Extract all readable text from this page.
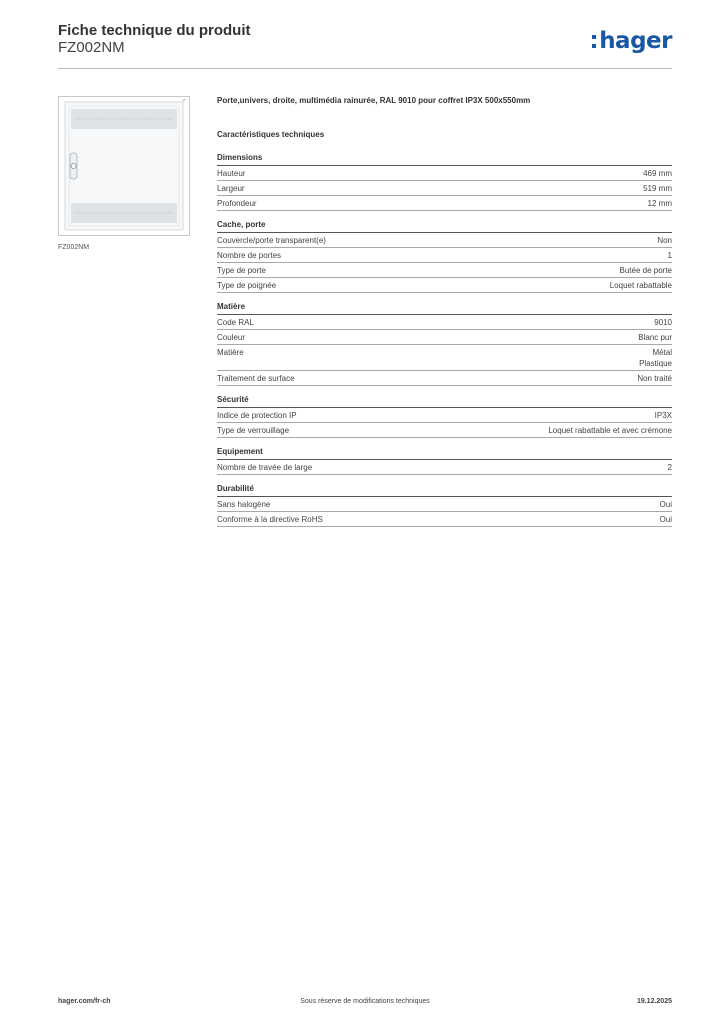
Fiche technique du produit
FZ002NM	hager
FZ002NM
Porte,univers, droite, multimédia rainurée, RAL 9010 pour coffret IP3X 500x550mm
Caractéristiques techniques
Dimensions
Hauteur	469 mm
Largeur	519 mm
Profondeur	12 mm
Cache, porte
Couvercle/porte transparent(e)	Non
Nombre de portes	1
Type de porte	Butée de porte
Type de poignée	Loquet rabattable
Matière
Code RAL	9010
Couleur	Blanc pur
Matière	Métal
Plastique
Traitement de surface	Non traité
Sécurité
Indice de protection IP	IP3X
Type de verrouillage	Loquet rabattable et avec crémone
Equipement
Nombre de travée de large	2
Durabilité
Sans halogène	Oui
Conforme à la directive RoHS	Oui
hager.com/fr-ch	Sous réserve de modifications techniques	19.12.2025
